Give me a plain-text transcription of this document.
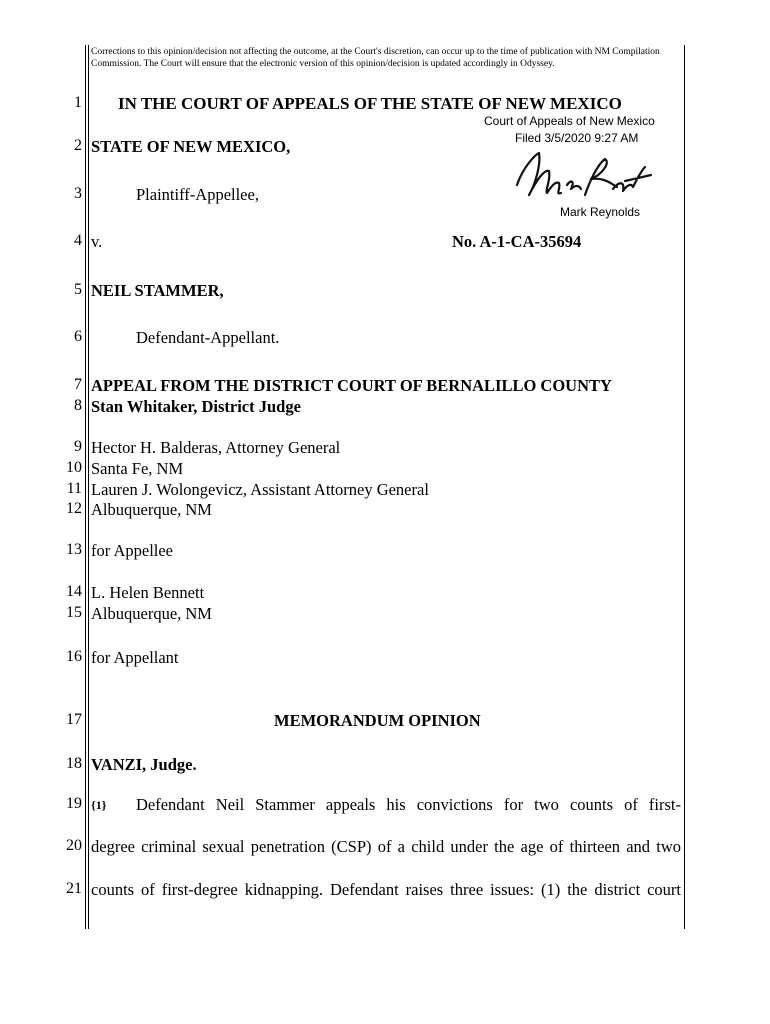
Corrections to this opinion/decision not affecting the outcome, at the Court's discretion, can occur up to the time of publication with NM Compilation Commission. The Court will ensure that the electronic version of this opinion/decision is updated accordingly in Odyssey.
1
2
3
4
5
6
7
8
9
10
11
12
13
14
15
16
17
18
19
20
21
IN THE COURT OF APPEALS OF THE STATE OF NEW MEXICO
Court of Appeals of New Mexico
Filed 3/5/2020 9:27 AM
Mark Reynolds
STATE OF NEW MEXICO,
Plaintiff-Appellee,
v.	No. A-1-CA-35694
NEIL STAMMER,
Defendant-Appellant.
APPEAL FROM THE DISTRICT COURT OF BERNALILLO COUNTY
Stan Whitaker, District Judge
Hector H. Balderas, Attorney General
Santa Fe, NM
Lauren J. Wolongevicz, Assistant Attorney General
Albuquerque, NM
for Appellee
L. Helen Bennett
Albuquerque, NM
for Appellant
MEMORANDUM OPINION
VANZI, Judge.
{1} Defendant Neil Stammer appeals his convictions for two counts of first-
degree criminal sexual penetration (CSP) of a child under the age of thirteen and two
counts of first-degree kidnapping. Defendant raises three issues: (1) the district court
